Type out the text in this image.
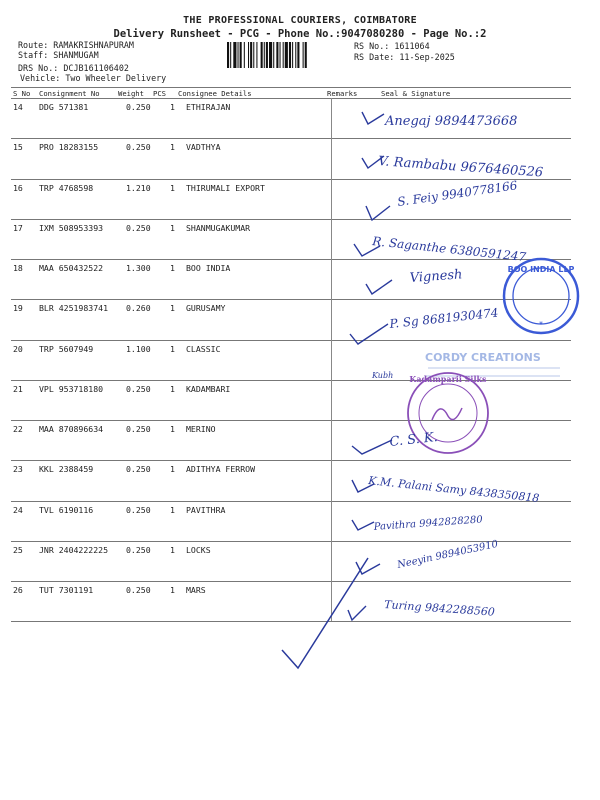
THE PROFESSIONAL COURIERS, COIMBATORE
Delivery Runsheet - PCG - Phone No.:9047080280 - Page No.:2
Route: RAMAKRISHNAPURAM
Staff: SHANMUGAM
DRS No.: DCJB161106402
Vehicle: Two Wheeler Delivery
RS No.: 1611064
RS Date: 11-Sep-2025
S No Consignment No	Weight PCS Consignee Details	Remarks	Seal & Signature
14 DDG 571381	0.250 1 ETHIRAJAN
15 PRO 18283155	0.250 1 VADTHYA
16 TRP 4768598	1.210 1 THIRUMALI EXPORT
17 IXM 508953393	0.250 1 SHANMUGAKUMAR
18 MAA 650432522	1.300 1 BOO INDIA
19 BLR 4251983741 0.260 1 GURUSAMY
20 TRP 5607949	1.100 1 CLASSIC
21 VPL 953718180	0.250 1 KADAMBARI
22 MAA 870896634	0.250 1 MERINO
23 KKL 2388459	0.250 1 ADITHYA FERROW
24 TVL 6190116	0.250 1 PAVITHRA
25 JNR 2404222225 0.250 1 LOCKS
26 TUT 7301191	0.250 1 MARS
BOO INDIA LLP
*
CORDY CREATIONS
Kadamparii Silks
Anegaj 9894473668
V. Rambabu 9676460526
S. Feiy 9940778166
R. Saganthe 6380591247
Vignesh
P. Sg 8681930474
Kubh
C. S. K.
K.M. Palani Samy 8438350818
Pavithra 9942828280
Neeyin 9894053910
Turing 9842288560
